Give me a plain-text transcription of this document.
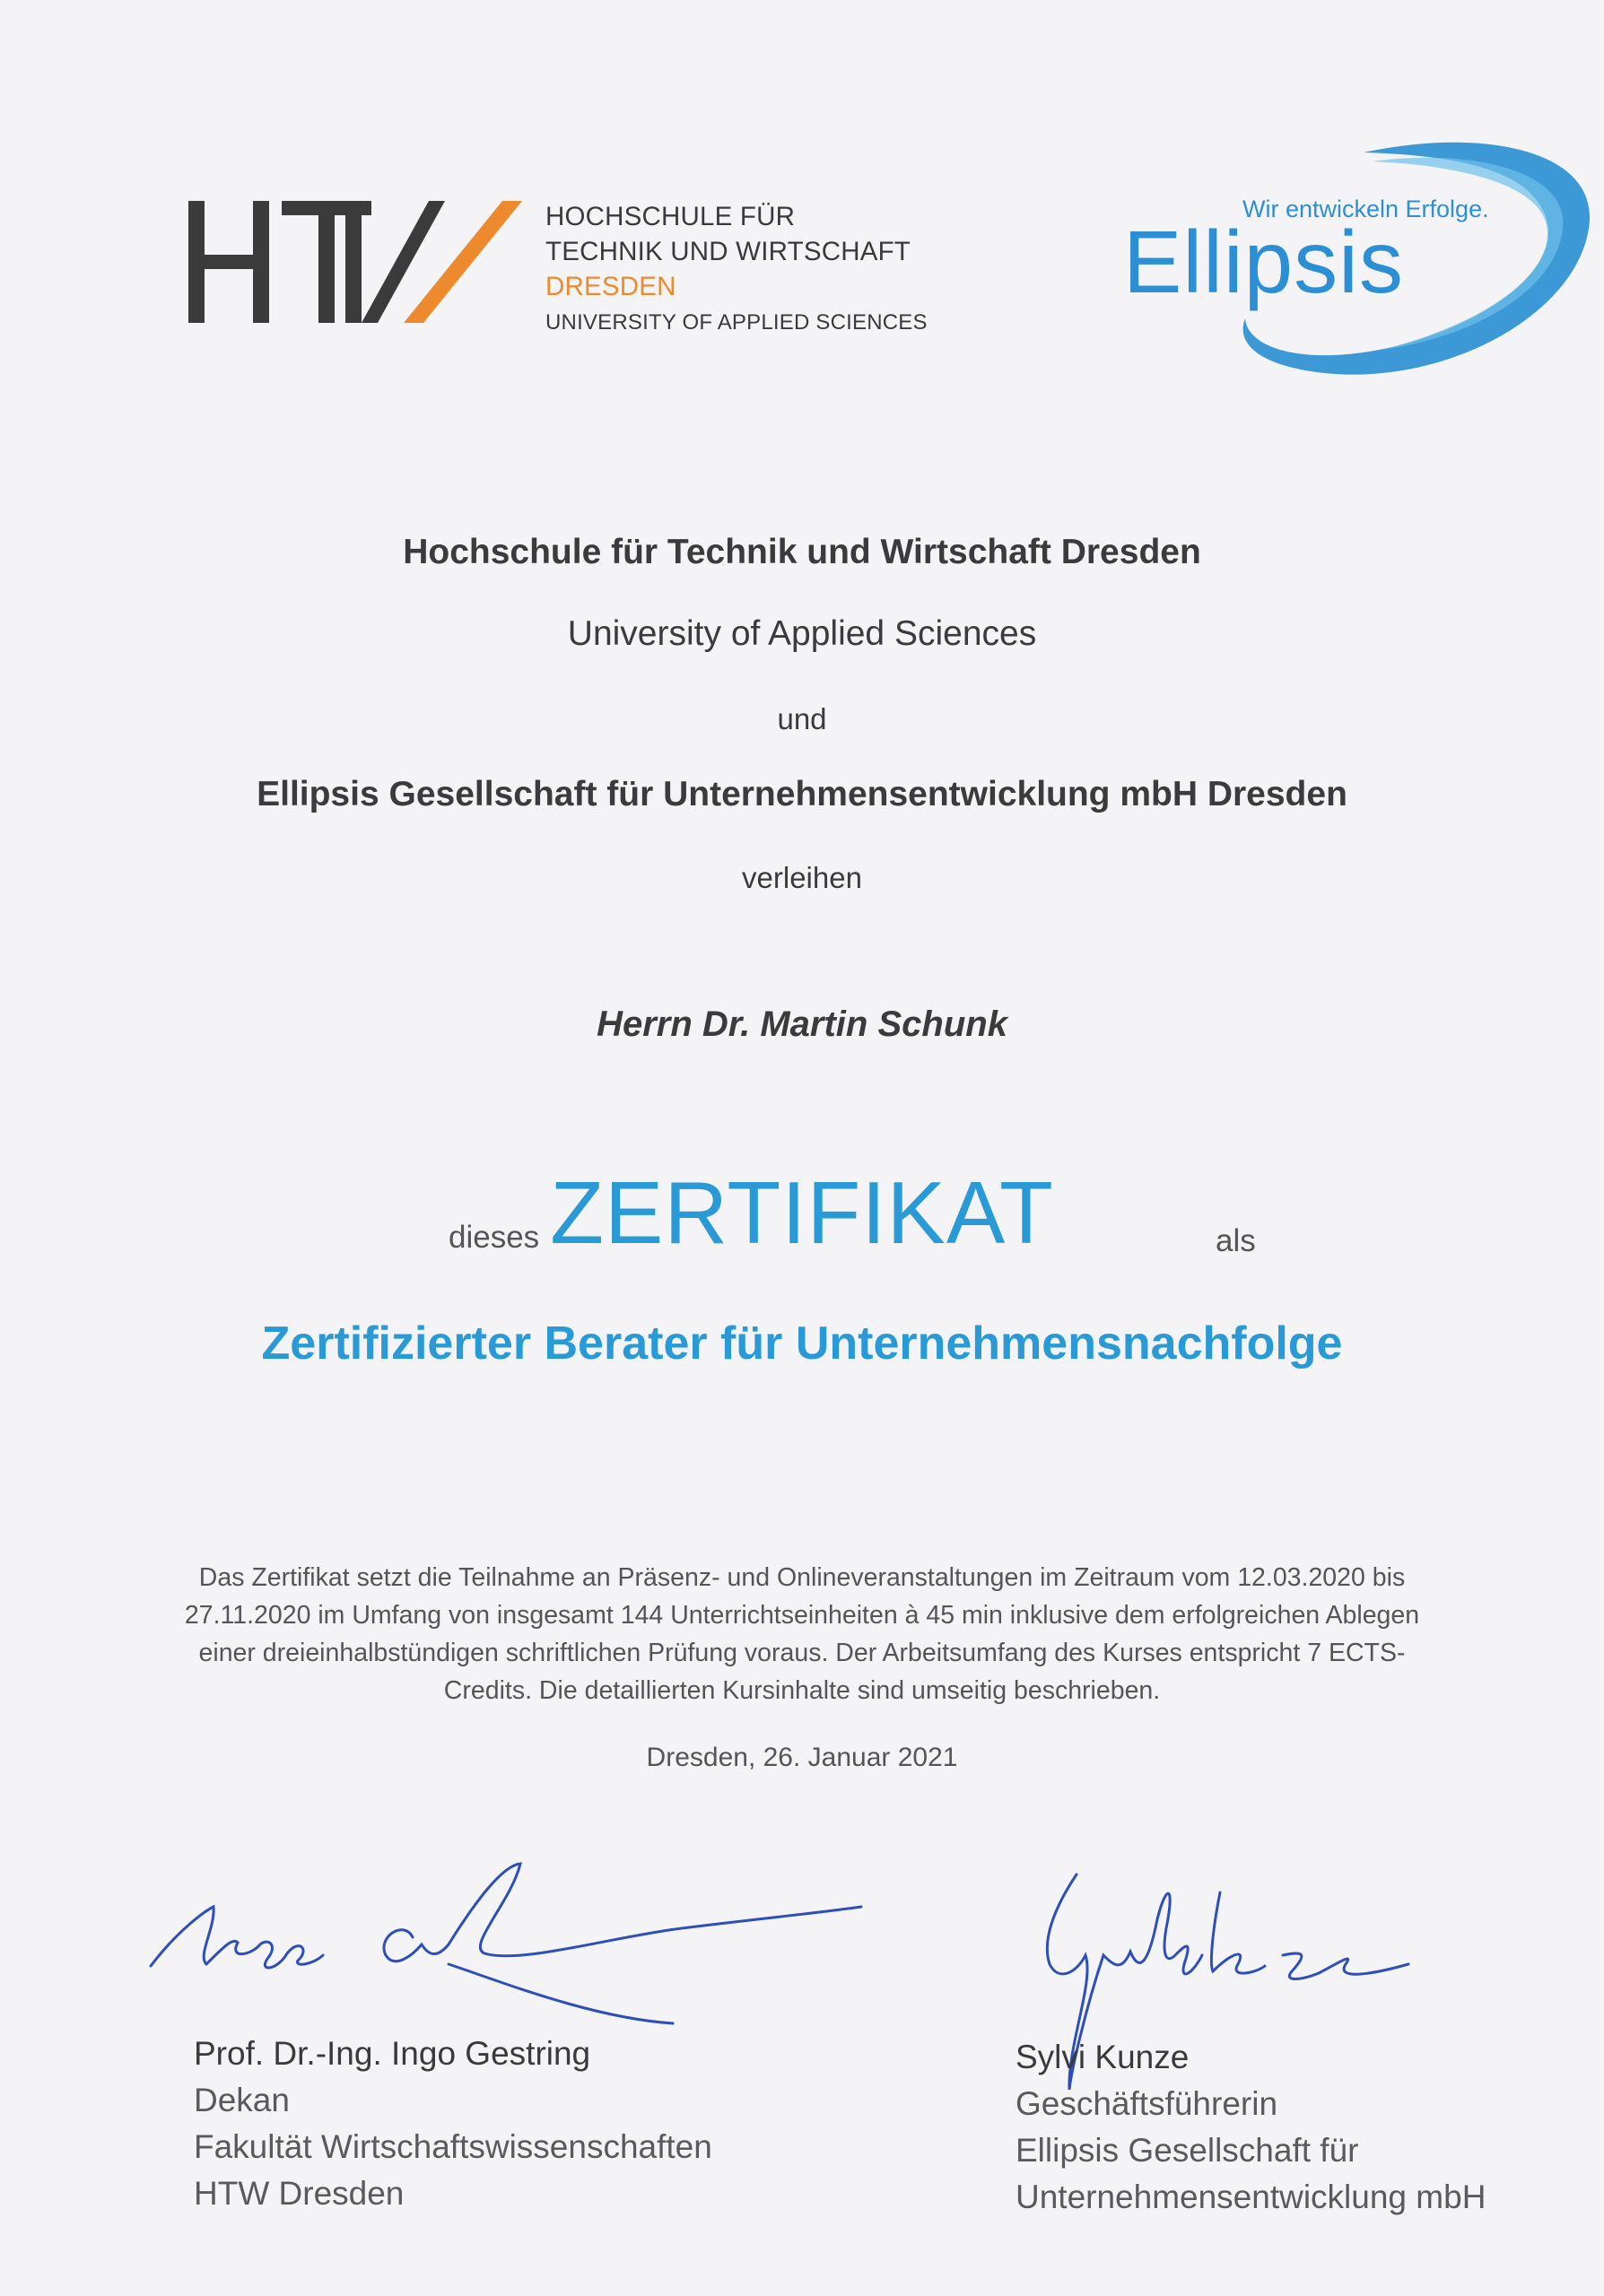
HOCHSCHULE FÜR
TECHNIK UND WIRTSCHAFT
DRESDEN
UNIVERSITY OF APPLIED SCIENCES
Wir entwickeln Erfolge.
Ellipsis
Hochschule für Technik und Wirtschaft Dresden
University of Applied Sciences
und
Ellipsis Gesellschaft für Unternehmensentwicklung mbH Dresden
verleihen
Herrn Dr. Martin Schunk
dieses ZERTIFIKAT	als
Zertifizierter Berater für Unternehmensnachfolge
Das Zertifikat setzt die Teilnahme an Präsenz- und Onlineveranstaltungen im Zeitraum vom 12.03.2020 bis 27.11.2020 im Umfang von insgesamt 144 Unterrichtseinheiten à 45 min inklusive dem erfolgreichen Ablegen einer dreieinhalbstündigen schriftlichen Prüfung voraus. Der Arbeitsumfang des Kurses entspricht 7 ECTS-Credits. Die detaillierten Kursinhalte sind umseitig beschrieben.
Dresden, 26. Januar 2021
Prof. Dr.-Ing. Ingo Gestring
Dekan
Fakultät Wirtschaftswissenschaften
HTW Dresden
Sylvi Kunze
Geschäftsführerin
Ellipsis Gesellschaft für
Unternehmensentwicklung mbH
